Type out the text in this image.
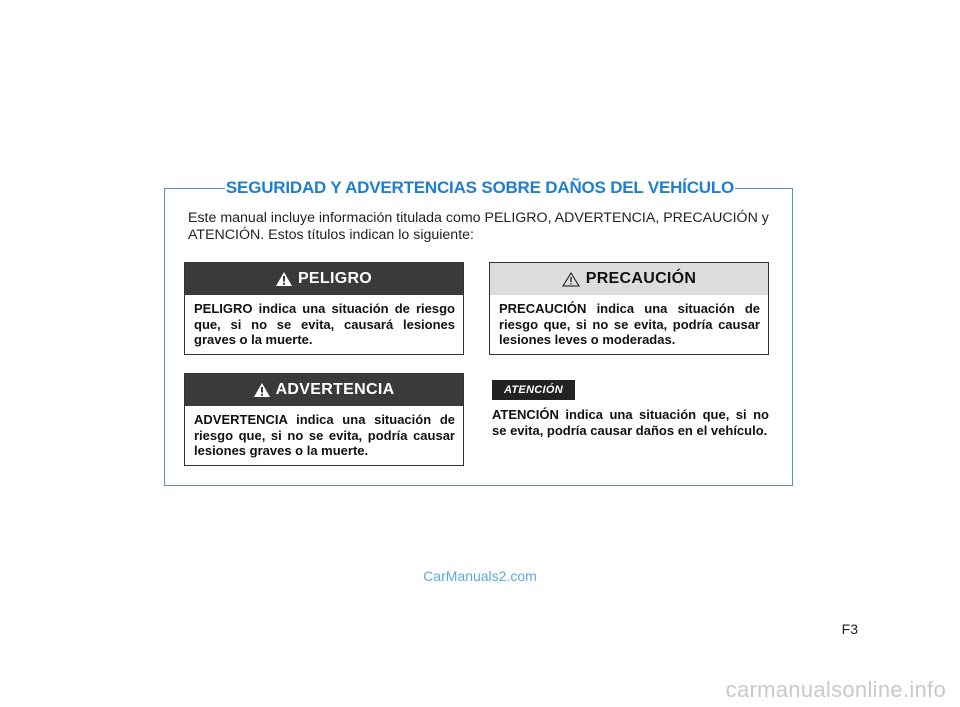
SEGURIDAD Y ADVERTENCIAS SOBRE DAÑOS DEL VEHÍCULO
Este manual incluye información titulada como PELIGRO, ADVERTENCIA, PRECAUCIÓN y ATENCIÓN. Estos títulos indican lo siguiente:
PELIGRO
PELIGRO indica una situación de riesgo que, si no se evita, causará lesiones graves o la muerte.
ADVERTENCIA
ADVERTENCIA indica una situación de riesgo que, si no se evita, podría causar lesiones graves o la muerte.
PRECAUCIÓN
PRECAUCIÓN indica una situación de riesgo que, si no se evita, podría causar lesiones leves o moderadas.
ATENCIÓN
ATENCIÓN indica una situación que, si no se evita, podría causar daños en el vehículo.
CarManuals2.com
F3
carmanualsonline.info
